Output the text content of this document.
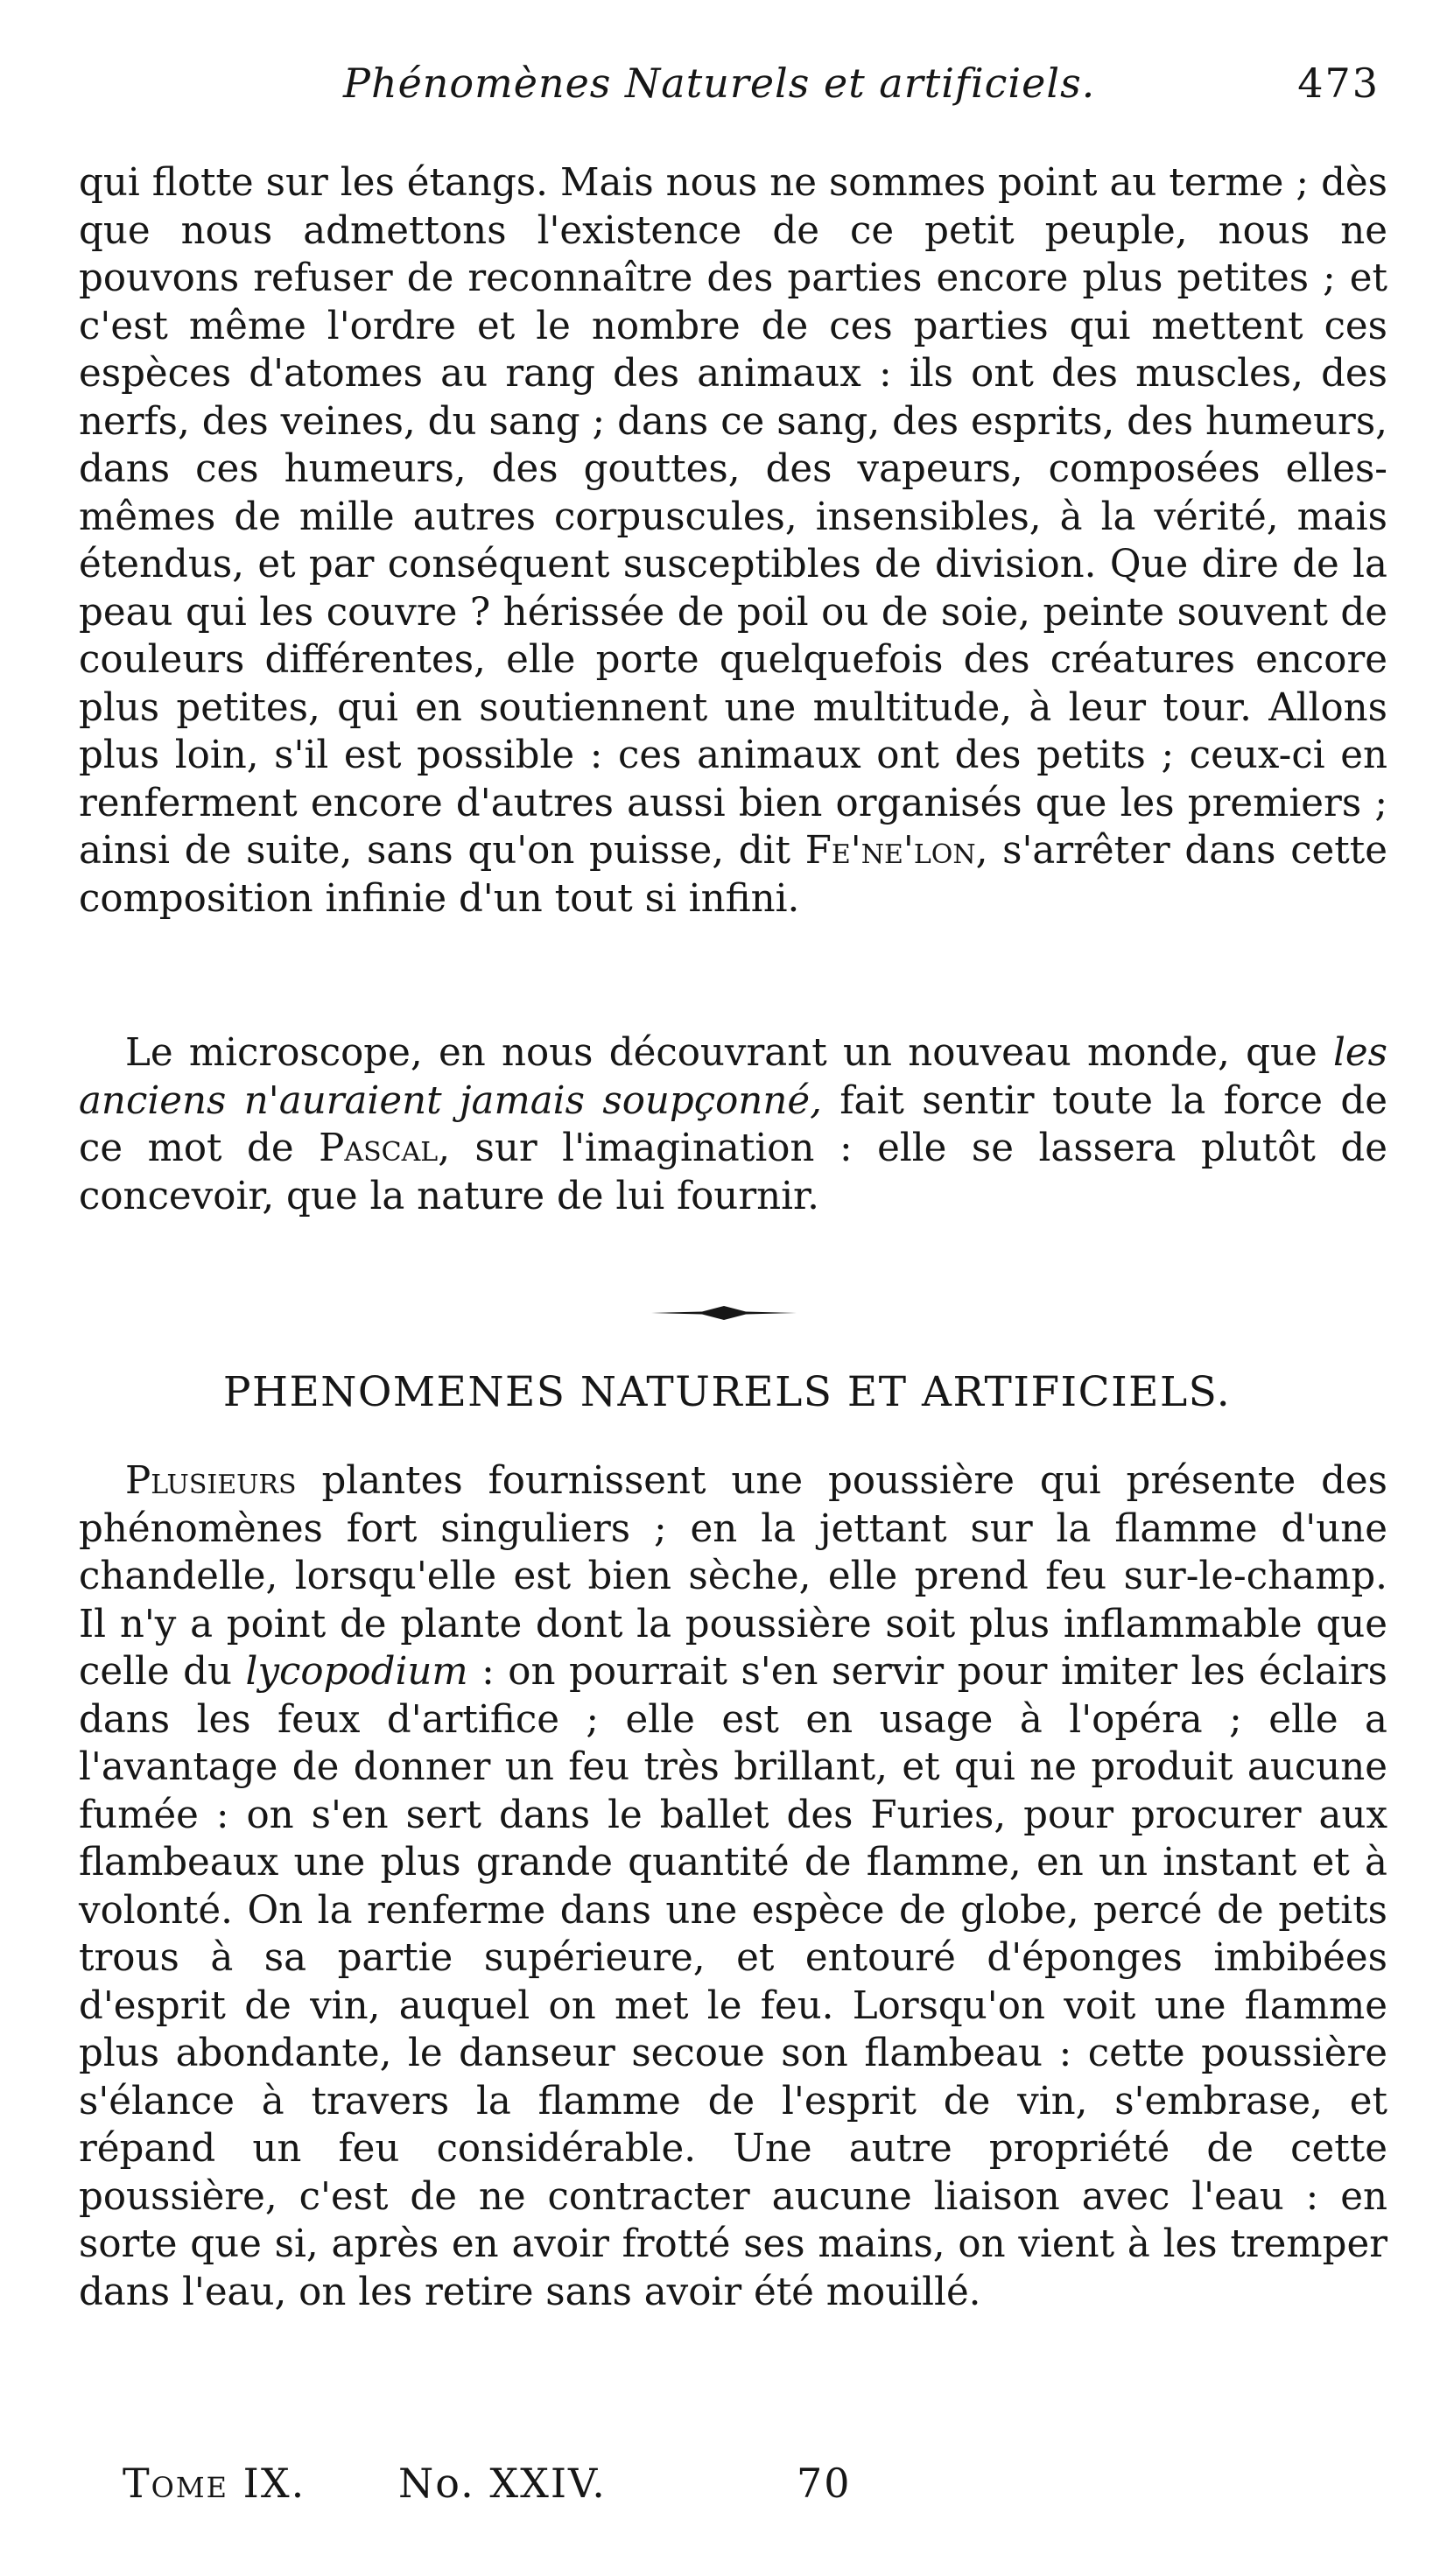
Phénomènes Naturels et artificiels.	473

qui flotte sur les étangs. Mais nous ne sommes point au terme ; dès que nous admettons l'existence de ce petit peuple, nous ne pouvons refuser de reconnaître des parties encore plus petites ; et c'est même l'ordre et le nombre de ces parties qui mettent ces espèces d'atomes au rang des animaux : ils ont des muscles, des nerfs, des veines, du sang ; dans ce sang, des esprits, des humeurs, dans ces humeurs, des gouttes, des vapeurs, composées elles-mêmes de mille autres corpuscules, insensibles, à la vérité, mais étendus, et par conséquent susceptibles de division. Que dire de la peau qui les couvre ? hérissée de poil ou de soie, peinte souvent de couleurs différentes, elle porte quelquefois des créatures encore plus petites, qui en soutiennent une multitude, à leur tour. Allons plus loin, s'il est possible : ces animaux ont des petits ; ceux-ci en renferment encore d'autres aussi bien organisés que les premiers ; ainsi de suite, sans qu'on puisse, dit Fe'ne'lon, s'arrêter dans cette composition infinie d'un tout si infini.

Le microscope, en nous découvrant un nouveau monde, que les anciens n'auraient jamais soupçonné, fait sentir toute la force de ce mot de Pascal, sur l'imagination : elle se lassera plutôt de concevoir, que la nature de lui fournir.

PHENOMENES NATURELS ET ARTIFICIELS.

Plusieurs plantes fournissent une poussière qui présente des phénomènes fort singuliers ; en la jettant sur la flamme d'une chandelle, lorsqu'elle est bien sèche, elle prend feu sur-le-champ. Il n'y a point de plante dont la poussière soit plus inflammable que celle du lycopodium : on pourrait s'en servir pour imiter les éclairs dans les feux d'artifice ; elle est en usage à l'opéra ; elle a l'avantage de donner un feu très brillant, et qui ne produit aucune fumée : on s'en sert dans le ballet des Furies, pour procurer aux flambeaux une plus grande quantité de flamme, en un instant et à volonté. On la renferme dans une espèce de globe, percé de petits trous à sa partie supérieure, et entouré d'éponges imbibées d'esprit de vin, auquel on met le feu. Lorsqu'on voit une flamme plus abondante, le danseur secoue son flambeau : cette poussière s'élance à travers la flamme de l'esprit de vin, s'embrase, et répand un feu considérable. Une autre propriété de cette poussière, c'est de ne contracter aucune liaison avec l'eau : en sorte que si, après en avoir frotté ses mains, on vient à les tremper dans l'eau, on les retire sans avoir été mouillé.

Tome IX. No. XXIV.	70
